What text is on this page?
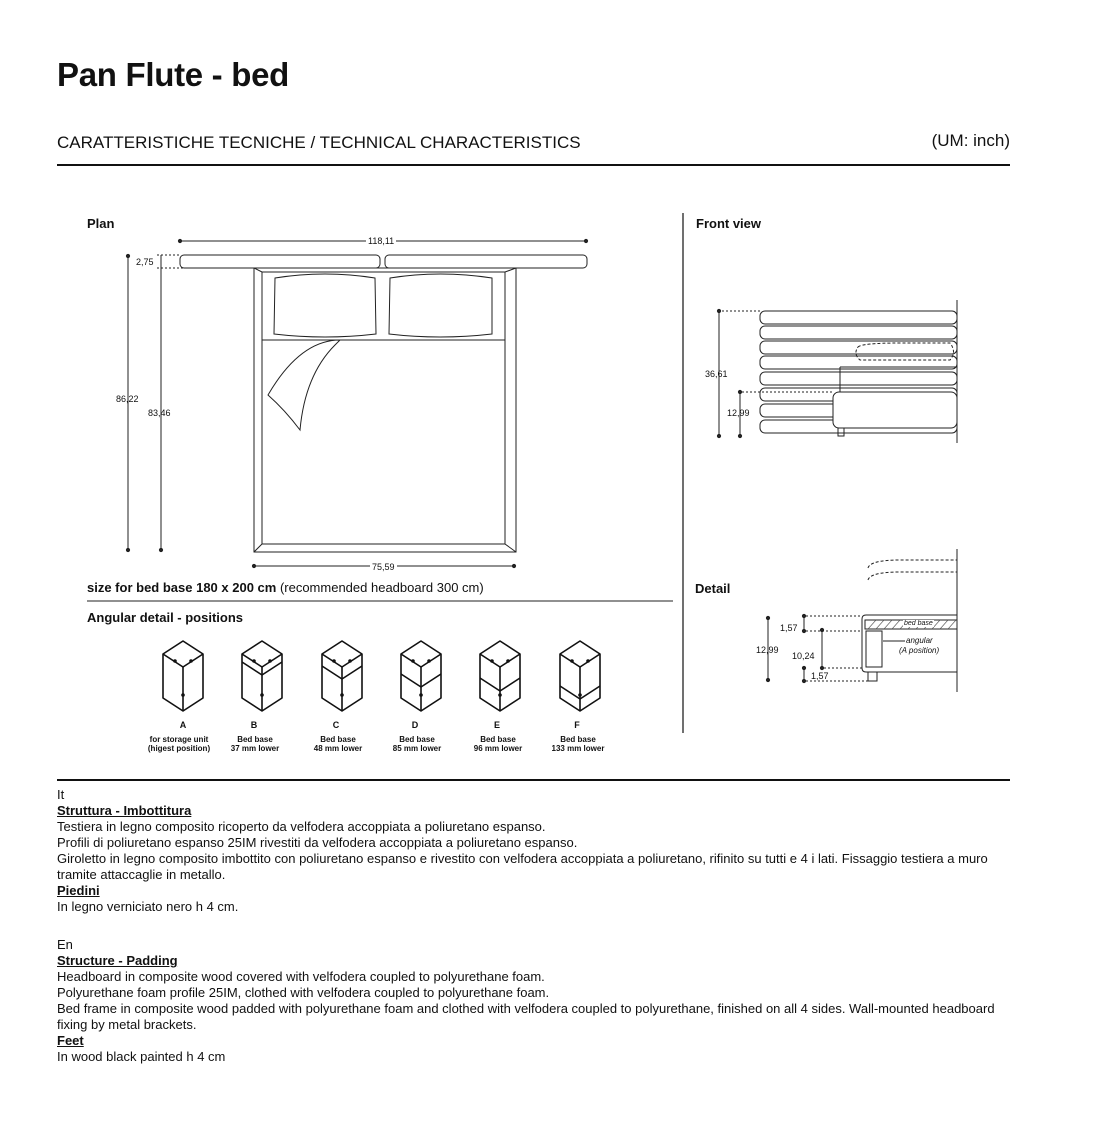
Pan Flute - bed
CARATTERISTICHE TECNICHE / TECHNICAL CHARACTERISTICS	(UM: inch)
Plan	Front view
Detail
118,11
2,75
86,22
83,46
75,59
size for bed base 180 x 200 cm (recommended headboard 300 cm)
36,61
12,99
1,57
12,99
10,24
1,57
bed base
angular
(A position)
Angular detail - positions
A
for storage unit
(higest position)
B
Bed base
37 mm lower
C
Bed base
48 mm lower
D
Bed base
85 mm lower
E
Bed base
96 mm lower
F
Bed base
133 mm lower
It
Struttura - Imbottitura
Testiera in legno composito ricoperto da velfodera accoppiata a poliuretano espanso.
Profili di poliuretano espanso 25IM rivestiti da velfodera accoppiata a poliuretano espanso.
Giroletto in legno composito imbottito con poliuretano espanso e rivestito con velfodera accoppiata a poliuretano, rifinito su tutti e 4 i lati. Fissaggio testiera a muro tramite attaccaglie in metallo.
Piedini
In legno verniciato nero h 4 cm.
En
Structure - Padding
Headboard in composite wood covered with velfodera coupled to polyurethane foam.
Polyurethane foam profile 25IM, clothed with velfodera coupled to polyurethane foam.
Bed frame in composite wood padded with polyurethane foam and clothed with velfodera coupled to polyurethane, finished on all 4 sides. Wall-mounted headboard fixing by metal brackets.
Feet
In wood black painted h 4 cm
